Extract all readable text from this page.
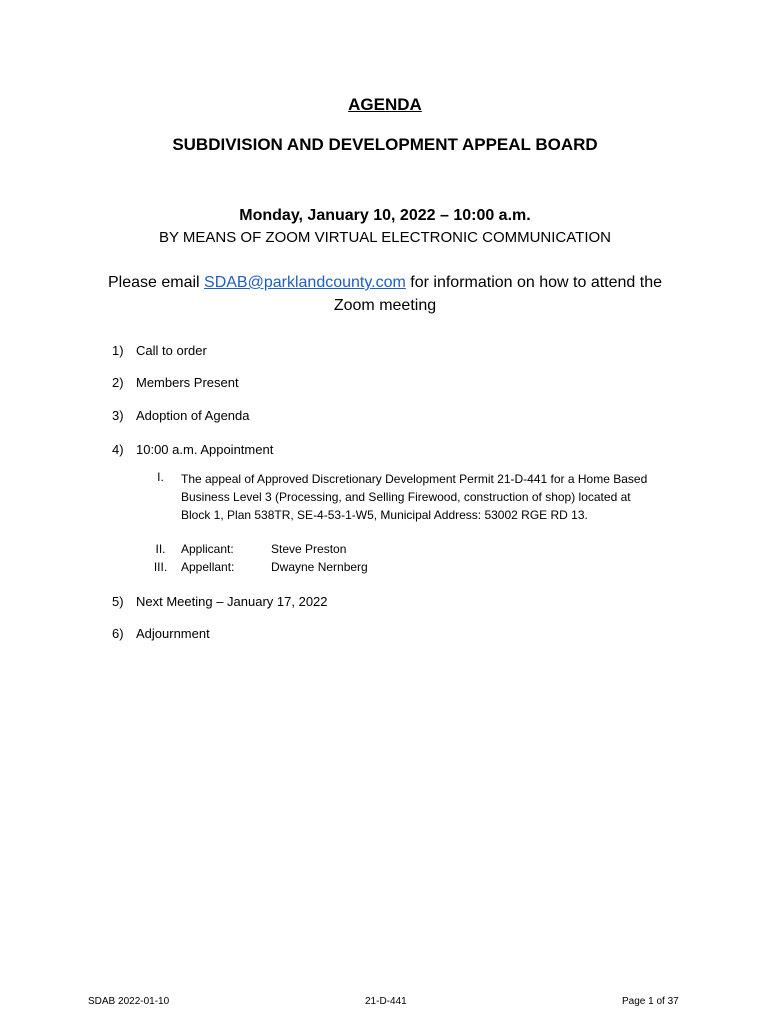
AGENDA
SUBDIVISION AND DEVELOPMENT APPEAL BOARD
Monday, January 10, 2022 – 10:00 a.m.
BY MEANS OF ZOOM VIRTUAL ELECTRONIC COMMUNICATION
Please email SDAB@parklandcounty.com for information on how to attend the Zoom meeting
1) Call to order
2) Members Present
3) Adoption of Agenda
4) 10:00 a.m. Appointment
I.	The appeal of Approved Discretionary Development Permit 21-D-441 for a Home Based Business Level 3 (Processing, and Selling Firewood, construction of shop) located at Block 1, Plan 538TR, SE-4-53-1-W5, Municipal Address: 53002 RGE RD 13.
II.	Applicant:	Steve Preston
III.	Appellant:	Dwayne Nernberg
5) Next Meeting – January 17, 2022
6) Adjournment
SDAB 2022-01-10	21-D-441	Page 1 of 37
